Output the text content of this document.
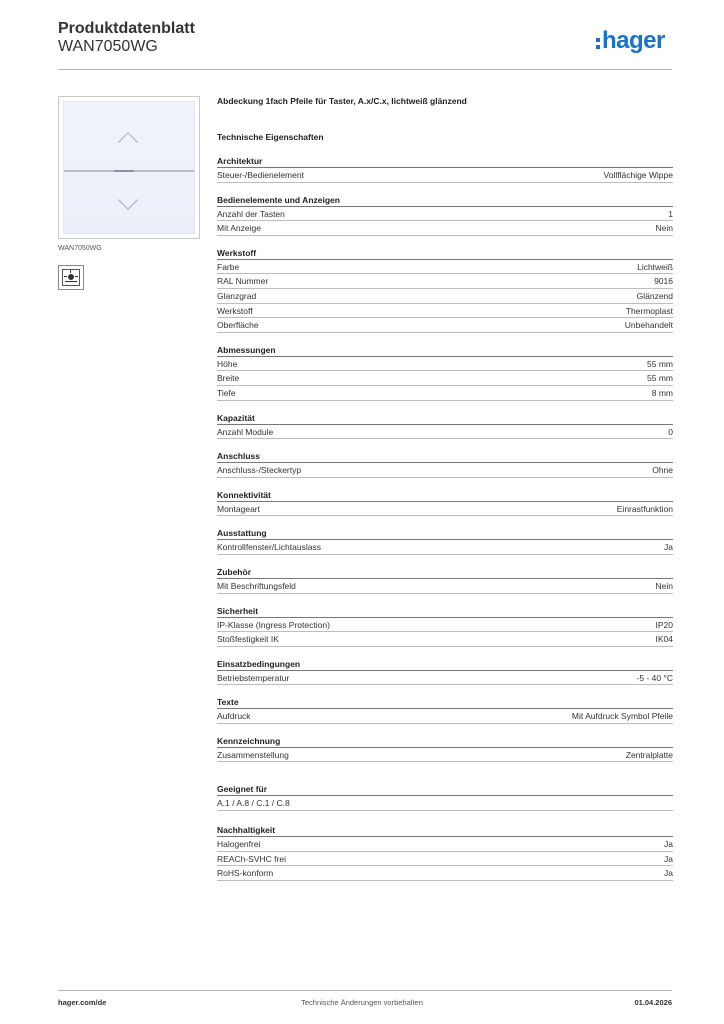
Produktdatenblatt
WAN7050WG	hager
WAN7050WG
Abdeckung 1fach Pfeile für Taster, A.x/C.x, lichtweiß glänzend
Technische Eigenschaften
Architektur
Steuer-/Bedienelement	Vollflächige Wippe
Bedienelemente und Anzeigen
Anzahl der Tasten	1
Mit Anzeige	Nein
Werkstoff
Farbe	Lichtweiß
RAL Nummer	9016
Glanzgrad	Glänzend
Werkstoff	Thermoplast
Oberfläche	Unbehandelt
Abmessungen
Höhe	55 mm
Breite	55 mm
Tiefe	8 mm
Kapazität
Anzahl Module	0
Anschluss
Anschluss-/Steckertyp	Ohne
Konnektivität
Montageart	Einrastfunktion
Ausstattung
Kontrollfenster/Lichtauslass	Ja
Zubehör
Mit Beschriftungsfeld	Nein
Sicherheit
IP-Klasse (Ingress Protection)	IP20
Stoßfestigkeit IK	IK04
Einsatzbedingungen
Betriebstemperatur	-5 - 40 °C
Texte
Aufdruck	Mit Aufdruck Symbol Pfeile
Kennzeichnung
Zusammenstellung	Zentralplatte
Geeignet für
A.1 / A.8 / C.1 / C.8
Nachhaltigkeit
Halogenfrei	Ja
REACh-SVHC frei	Ja
RoHS-konform	Ja
hager.com/de	Technische Änderungen vorbehalten	01.04.2026
